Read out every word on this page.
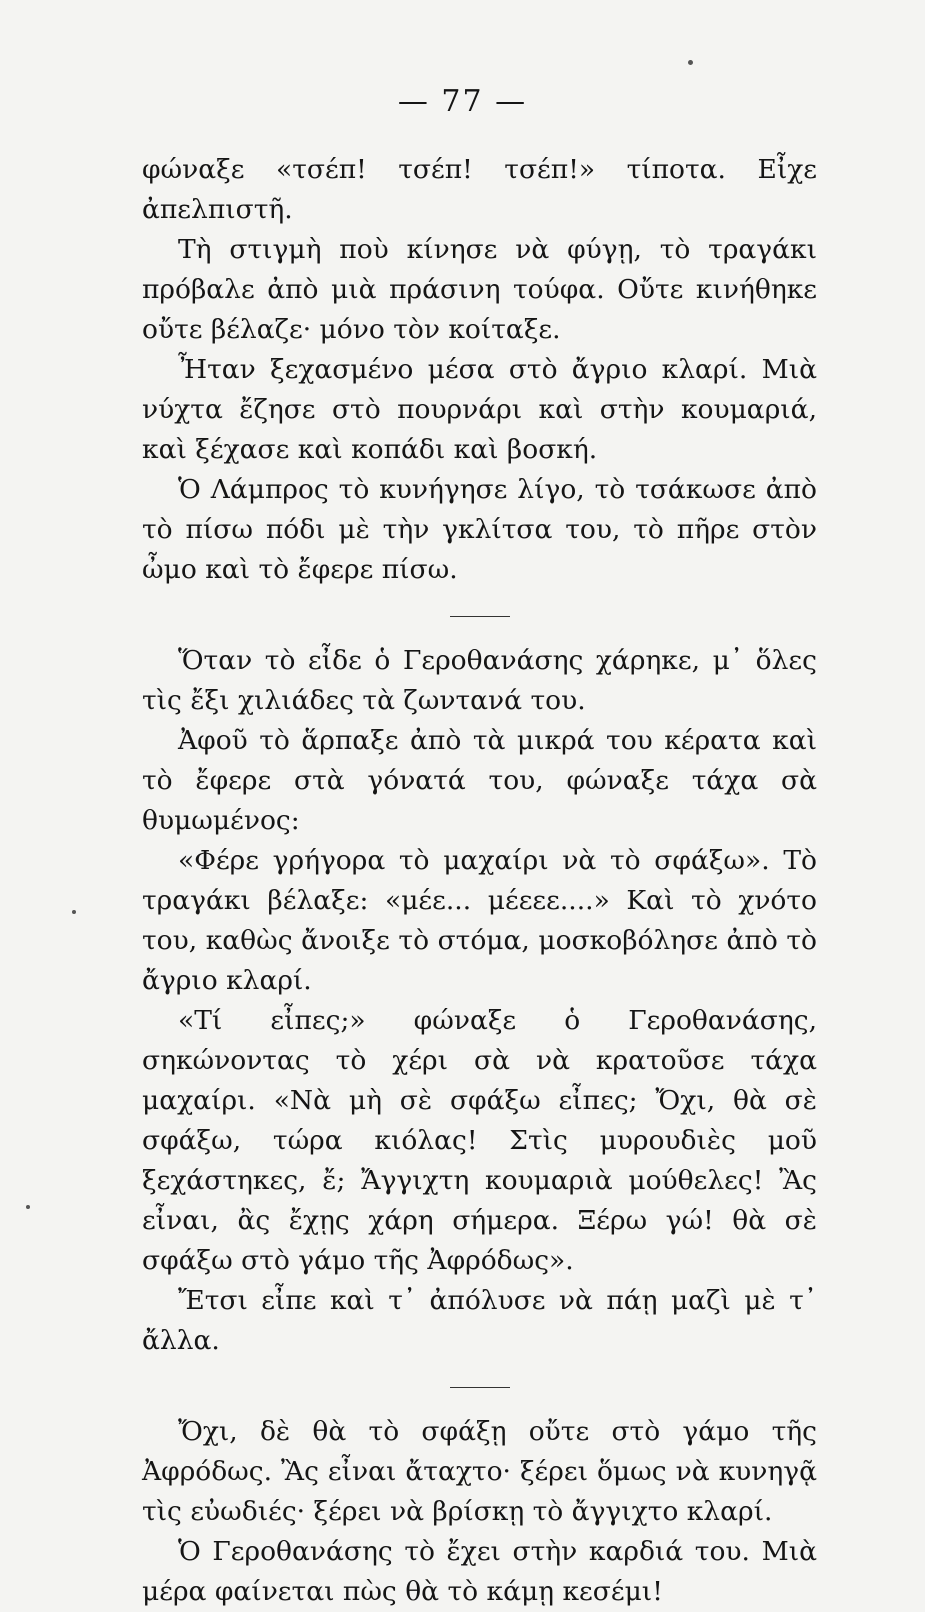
— 77 —

φώναξε «τσέπ! τσέπ! τσέπ!» τίποτα. Εἶχε ἀπελπιστῆ.

Τὴ στιγμὴ ποὺ κίνησε νὰ φύγῃ, τὸ τραγάκι πρόβαλε ἀπὸ μιὰ πράσινη τούφα. Οὔτε κινήθηκε οὔτε βέλαζε· μόνο τὸν κοίταξε.

Ἦταν ξεχασμένο μέσα στὸ ἄγριο κλαρί. Μιὰ νύχτα ἔζησε στὸ πουρνάρι καὶ στὴν κουμαριά, καὶ ξέχασε καὶ κοπάδι καὶ βοσκή.

Ὁ Λάμπρος τὸ κυνήγησε λίγο, τὸ τσάκωσε ἀπὸ τὸ πίσω πόδι μὲ τὴν γκλίτσα του, τὸ πῆρε στὸν ὦμο καὶ τὸ ἔφερε πίσω.

Ὅταν τὸ εἶδε ὁ Γεροθανάσης χάρηκε, μ᾿ ὅλες τὶς ἔξι χιλιάδες τὰ ζωντανά του.

Ἀφοῦ τὸ ἅρπαξε ἀπὸ τὰ μικρά του κέρατα καὶ τὸ ἔφερε στὰ γόνατά του, φώναξε τάχα σὰ θυμωμένος:

«Φέρε γρήγορα τὸ μαχαίρι νὰ τὸ σφάξω». Τὸ τραγάκι βέλαξε: «μέε... μέεεε....» Καὶ τὸ χνότο του, καθὼς ἄνοιξε τὸ στόμα, μοσκοβόλησε ἀπὸ τὸ ἄγριο κλαρί.

«Τί εἶπες;» φώναξε ὁ Γεροθανάσης, σηκώνοντας τὸ χέρι σὰ νὰ κρατοῦσε τάχα μαχαίρι. «Νὰ μὴ σὲ σφάξω εἶπες; Ὄχι, θὰ σὲ σφάξω, τώρα κιόλας! Στὶς μυρουδιὲς μοῦ ξεχάστηκες, ἔ; Ἄγγιχτη κουμαριὰ μούθελες! Ἂς εἶναι, ἂς ἔχῃς χάρη σήμερα. Ξέρω γώ! θὰ σὲ σφάξω στὸ γάμο τῆς Ἀφρόδως».

Ἔτσι εἶπε καὶ τ᾿ ἀπόλυσε νὰ πάῃ μαζὶ μὲ τ᾿ ἄλλα.

Ὄχι, δὲ θὰ τὸ σφάξῃ οὔτε στὸ γάμο τῆς Ἀφρόδως. Ἂς εἶναι ἄταχτο· ξέρει ὅμως νὰ κυνηγᾷ τὶς εὐωδιές· ξέρει νὰ βρίσκῃ τὸ ἄγγιχτο κλαρί.

Ὁ Γεροθανάσης τὸ ἔχει στὴν καρδιά του. Μιὰ μέρα φαίνεται πὼς θὰ τὸ κάμῃ κεσέμι!
